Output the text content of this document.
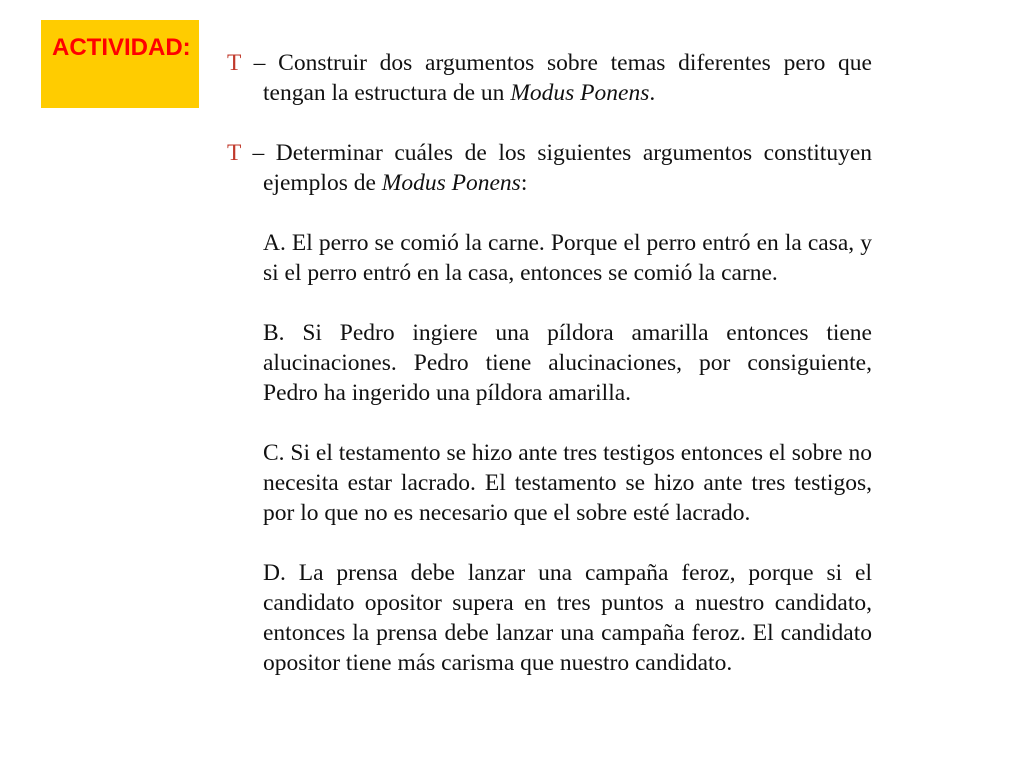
ACTIVIDAD:

T – Construir dos argumentos sobre temas diferentes pero que tengan la estructura de un Modus Ponens.

T – Determinar cuáles de los siguientes argumentos constituyen ejemplos de Modus Ponens:

A. El perro se comió la carne. Porque el perro entró en la casa, y si el perro entró en la casa, entonces se comió la carne.

B. Si Pedro ingiere una píldora amarilla entonces tiene alucinaciones. Pedro tiene alucinaciones, por consiguiente, Pedro ha ingerido una píldora amarilla.

C. Si el testamento se hizo ante tres testigos entonces el sobre no necesita estar lacrado. El testamento se hizo ante tres testigos, por lo que no es necesario que el sobre esté lacrado.

D. La prensa debe lanzar una campaña feroz, porque si el candidato opositor supera en tres puntos a nuestro candidato, entonces la prensa debe lanzar una campaña feroz. El candidato opositor tiene más carisma que nuestro candidato.
